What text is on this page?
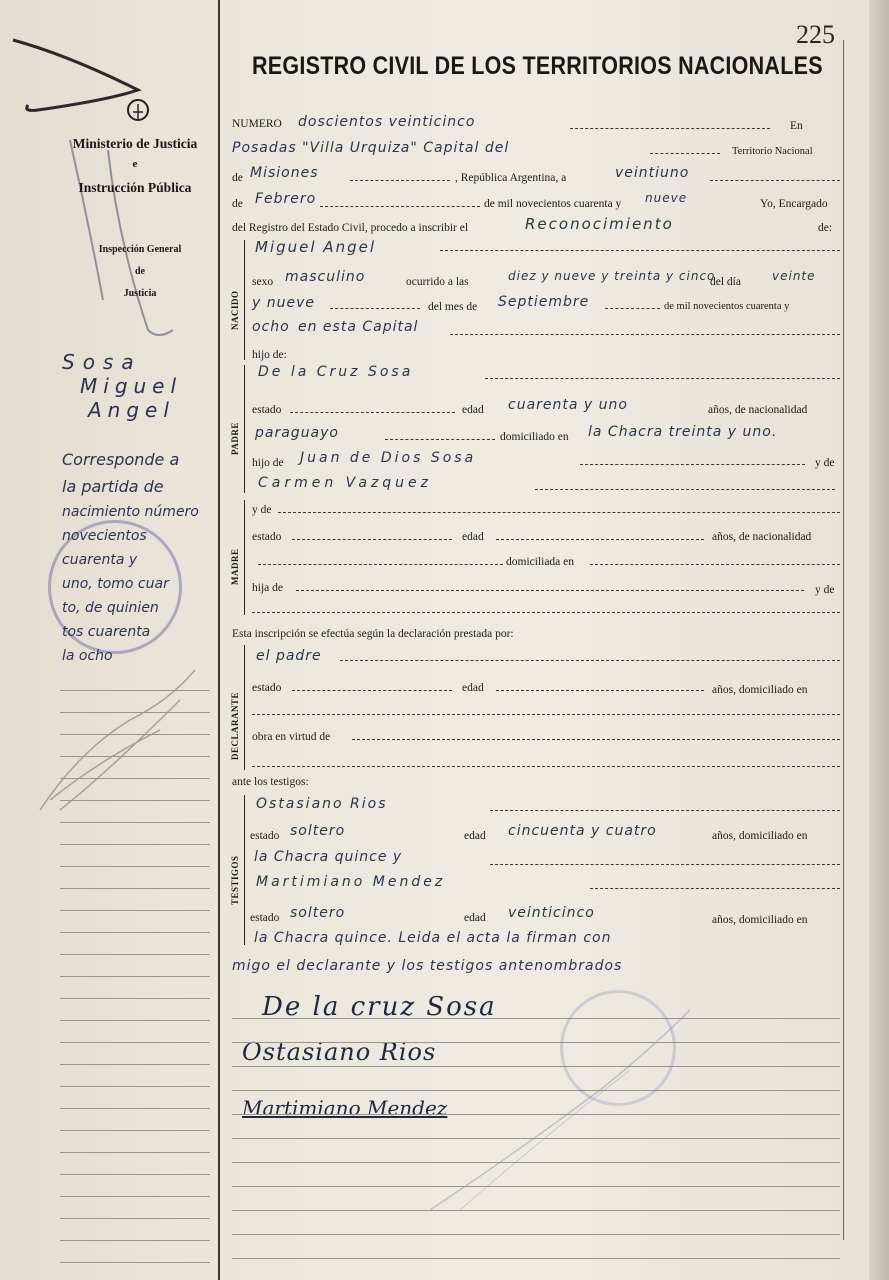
225
REGISTRO CIVIL DE LOS TERRITORIOS NACIONALES
Ministerio de Justicia
e
Instrucción Pública
Inspección General
de
Justicia
Sosa
Miguel
Angel
Corresponde a
la partida de
nacimiento número
novecientos
cuarenta y
uno, tomo cuar
to, de quinien
tos cuarenta
la ocho
NUMERO doscientos veinticinco	En
Posadas "Villa Urquiza" Capital del	Territorio Nacional
de Misiones	, República Argentina, a	veintiuno
de Febrero	de mil novecientos cuarenta y nueve	Yo, Encargado
del Registro del Estado Civil, procedo a inscribir el	Reconocimiento	de:
NACIDO
Miguel Angel
sexo masculino	ocurrido a las	diez y nueve y treinta y cinco
del día	veinte
y nueve	del mes de Septiembre	de mil novecientos cuarenta y
ocho en esta Capital
hijo de:
PADRE
De la Cruz Sosa
estado	edad cuarenta y uno	años, de nacionalidad
paraguayo	domiciliado en la Chacra treinta y uno.
hijo de Juan de Dios Sosa	y de
Carmen Vazquez
MADRE
y de
estado	edad	años, de nacionalidad
domiciliada en
hija de	y de
Esta inscripción se efectúa según la declaración prestada por:
DECLARANTE
el padre
estado	edad	años, domiciliado en
obra en virtud de
ante los testigos:
TESTIGOS
Ostasiano Rios
estado soltero	edad cincuenta y cuatro	años, domiciliado en
la Chacra quince y
Martimiano Mendez
estado soltero	edad veinticinco	años, domiciliado en
la Chacra quince. Leida el acta la firman con
migo el declarante y los testigos antenombrados
De la cruz Sosa
Ostasiano Rios
Martimiano Mendez
